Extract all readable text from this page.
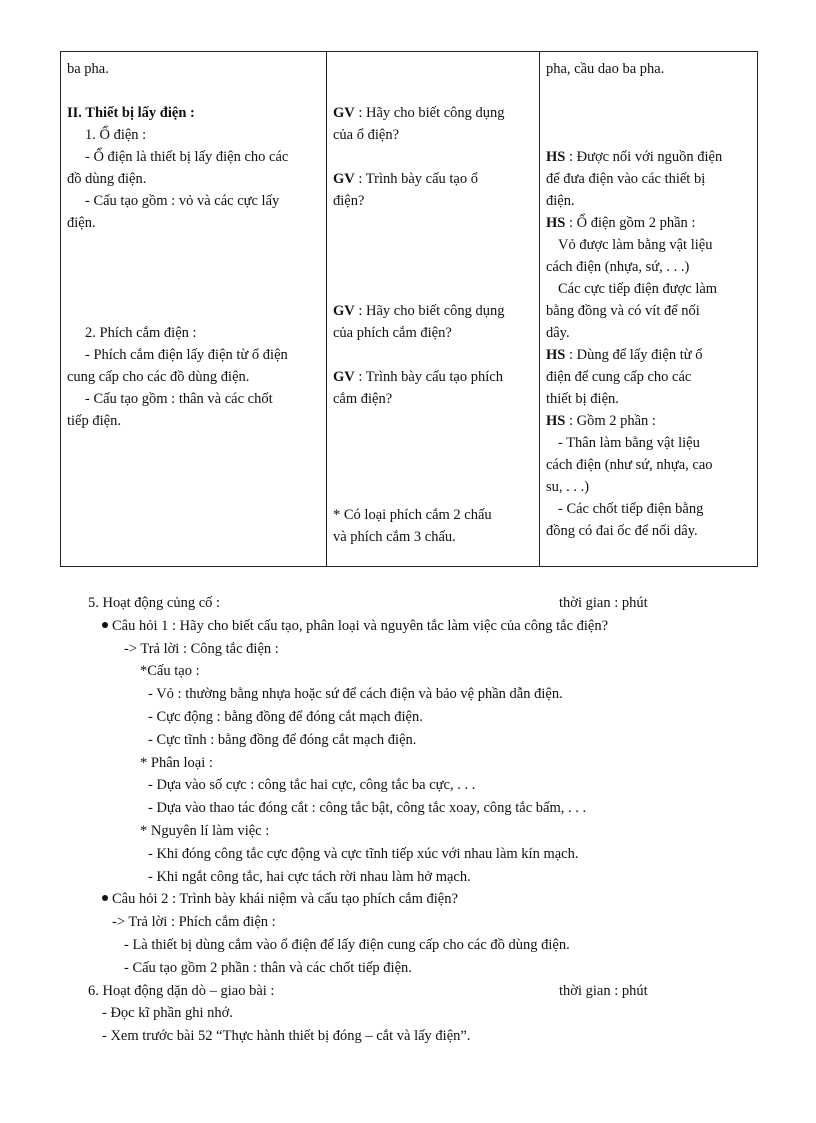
ba pha.
II. Thiết bị lấy điện :
1. Ổ điện :
- Ổ điện là thiết bị lấy điện cho các
đồ dùng điện.
- Cấu tạo gồm : vỏ và các cực lấy
điện.
2. Phích cắm điện :
- Phích cắm điện lấy điện từ ổ điện
cung cấp cho các đồ dùng điện.
- Cấu tạo gồm : thân và các chốt
tiếp điện.

GV : Hãy cho biết công dụng
của ổ điện?
GV : Trình bày cấu tạo ổ
điện?
GV : Hãy cho biết công dụng
của phích cắm điện?
GV : Trình bày cấu tạo phích
cắm điện?
* Có loại phích cắm 2 chấu
và phích cắm 3 chấu.

pha, cầu dao ba pha.
HS : Được nối với nguồn điện
để đưa điện vào các thiết bị
điện.
HS : Ổ điện gồm 2 phần :
Vỏ được làm bằng vật liệu
cách điện (nhựa, sứ, . . .)
Các cực tiếp điện được làm
bằng đồng và có vít để nối
dây.
HS : Dùng để lấy điện từ ổ
điện để cung cấp cho các
thiết bị điện.
HS : Gồm 2 phần :
- Thân làm bằng vật liệu
cách điện (như sứ, nhựa, cao
su, . . .)
- Các chốt tiếp điện bằng
đồng có đai ốc để nối dây.
5. Hoạt động củng cố :	thời gian : phút
Câu hỏi 1 : Hãy cho biết cấu tạo, phân loại và nguyên tắc làm việc của công tắc điện?
-> Trả lời : Công tắc điện :
*Cấu tạo :
- Vỏ : thường bằng nhựa hoặc sứ để cách điện và bảo vệ phần dẫn điện.
- Cực động : bằng đồng để đóng cắt mạch điện.
- Cực tĩnh : bằng đồng để đóng cắt mạch điện.
* Phân loại :
- Dựa vào số cực : công tắc hai cực, công tắc ba cực, . . .
- Dựa vào thao tác đóng cắt : công tắc bật, công tắc xoay, công tắc bấm, . . .
* Nguyên lí làm việc :
- Khi đóng công tắc cực động và cực tĩnh tiếp xúc với nhau làm kín mạch.
- Khi ngắt công tắc, hai cực tách rời nhau làm hở mạch.
Câu hỏi 2 : Trình bày khái niệm và cấu tạo phích cắm điện?
-> Trả lời : Phích cắm điện :
- Là thiết bị dùng cắm vào ổ điện để lấy điện cung cấp cho các đồ dùng điện.
- Cấu tạo gồm 2 phần : thân và các chốt tiếp điện.
6. Hoạt động dặn dò – giao bài :	thời gian : phút
- Đọc kĩ phần ghi nhớ.
- Xem trước bài 52 “Thực hành thiết bị đóng – cắt và lấy điện”.
